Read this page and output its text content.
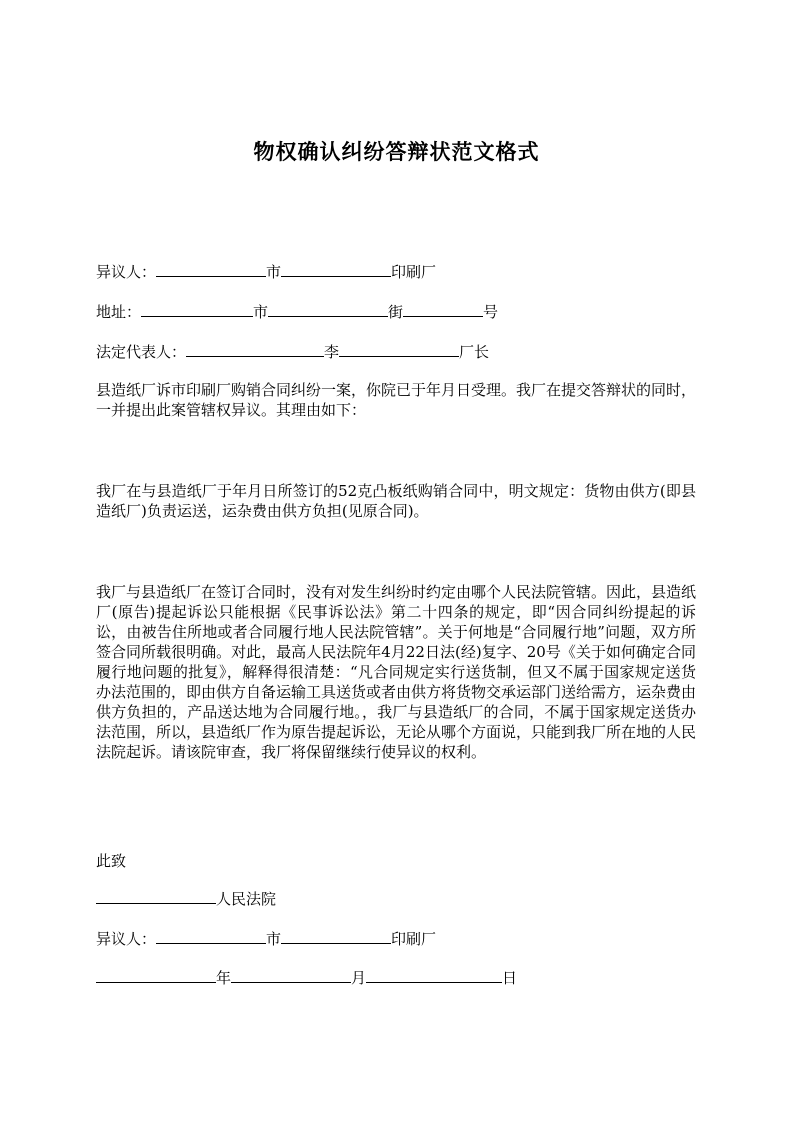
物权确认纠纷答辩状范文格式
异议人：	市	印刷厂
地址：	市	街	号
法定代表人：	李	厂长
县造纸厂诉市印刷厂购销合同纠纷一案，你院已于年月日受理。我厂在提交答辩状的同时，一并提出此案管辖权异议。其理由如下：
我厂在与县造纸厂于年月日所签订的52克凸板纸购销合同中，明文规定：货物由供方(即县造纸厂)负责运送，运杂费由供方负担(见原合同)。
我厂与县造纸厂在签订合同时，没有对发生纠纷时约定由哪个人民法院管辖。因此，县造纸厂(原告)提起诉讼只能根据《民事诉讼法》第二十四条的规定，即“因合同纠纷提起的诉讼，由被告住所地或者合同履行地人民法院管辖”。关于何地是“合同履行地”问题，双方所签合同所载很明确。对此，最高人民法院年4月22日法(经)复字、20号《关于如何确定合同履行地问题的批复》，解释得很清楚：“凡合同规定实行送货制，但又不属于国家规定送货办法范围的，即由供方自备运输工具送货或者由供方将货物交承运部门送给需方，运杂费由供方负担的，产品送达地为合同履行地。，我厂与县造纸厂的合同，不属于国家规定送货办法范围，所以，县造纸厂作为原告提起诉讼，无论从哪个方面说，只能到我厂所在地的人民法院起诉。请该院审查，我厂将保留继续行使异议的权利。
此致
人民法院
异议人：	市	印刷厂
年	月	日
